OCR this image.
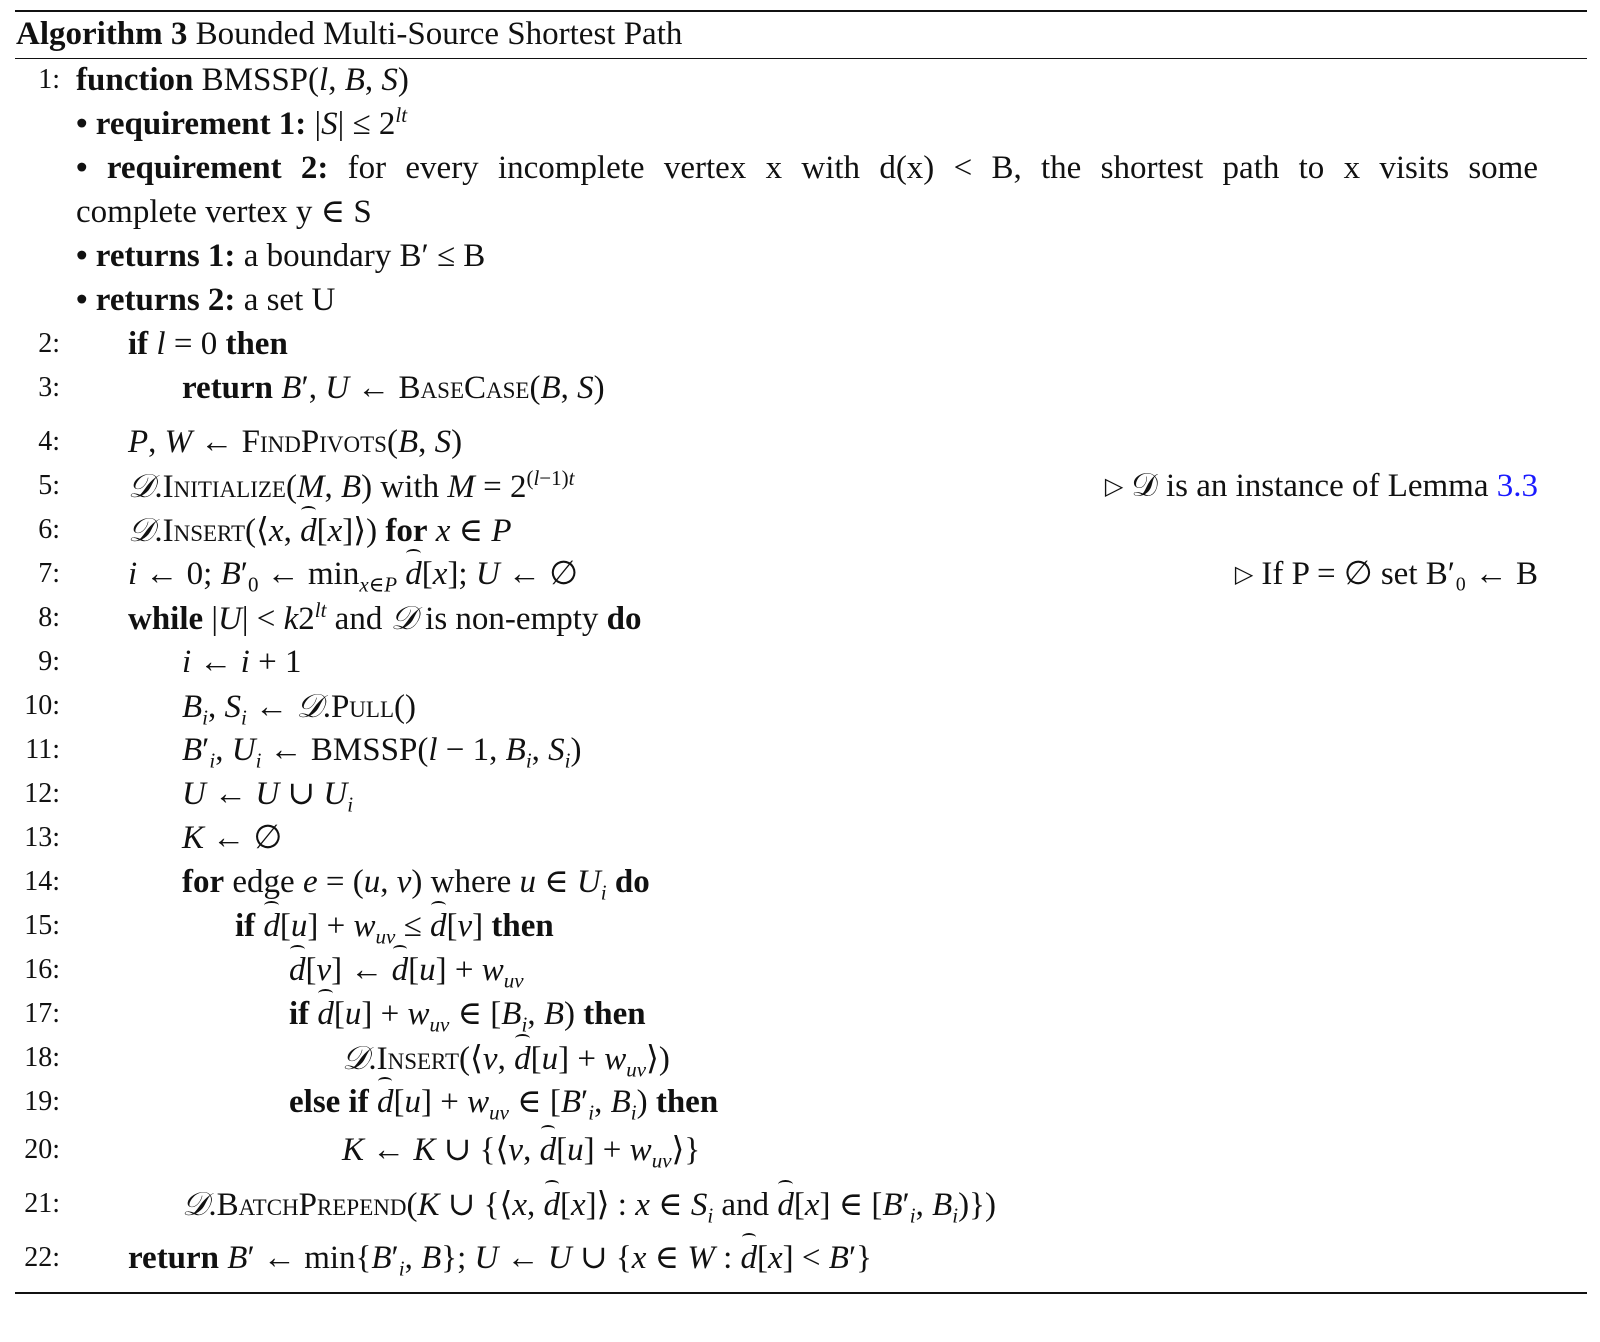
Algorithm 3 Bounded Multi-Source Shortest Path
1: function BMSSP(l, B, S)
• requirement 1: $|S| \le 2^{lt}$
• requirement 2: for every incomplete vertex x with d(x) < B, the shortest path to x visits some
complete vertex y ∈ S
• returns 1: a boundary B′ ≤ B
• returns 2: a set U
2: if l = 0 then
3:	return B′, U ← BaseCase(B, S)
4: P, W ← FindPivots(B, S)
5: 𝒟.Initialize(M, B) with $M = 2^{(l-1)t}$	▷ 𝒟 is an instance of Lemma 3.3
6: 𝒟.Insert(⟨x, d[x]⟩) for x ∈ P
7: i ← 0; $B'_0$ ← $\min_{x\in P} d[x]$; U ← ∅	▷ If P = ∅ set B′₀ ← B
8: while $|U| < k2^{lt}$ and 𝒟 is non-empty do
9:	i ← i + 1
10:	$B_i$, $S_i$ ← 𝒟.Pull()
11:	$B'_i$, $U_i$ ← BMSSP(l − 1, $B_i$, $S_i$)
12:	U ← U ∪ $U_i$
13:	K ← ∅
14:	for edge e = (u, v) where u ∈ $U_i$ do
15:	if $d[u] + w_{uv} \le d[v]$ then
16:	d[v] ← $d[u] + w_{uv}$
17:	if $d[u] + w_{uv}$ ∈ [$B_i$, B) then
18:	𝒟.Insert(⟨v, $d[u] + w_{uv}⟩$)
19:	else if $d[u] + w_{uv}$ ∈ [$B'_i$, $B_i$) then
20:	K ← K ∪ {⟨v, $d[u] + w_{uv}⟩$}
21:	𝒟.BatchPrepend(K ∪ {⟨x, d[x]⟩ : x ∈ $S_i$ and d[x] ∈ [$B'_i$, $B_i$)})
22: return B′ ← $\min\{B'_i$, B}; U ← U ∪ {x ∈ W : d[x] < B′}
